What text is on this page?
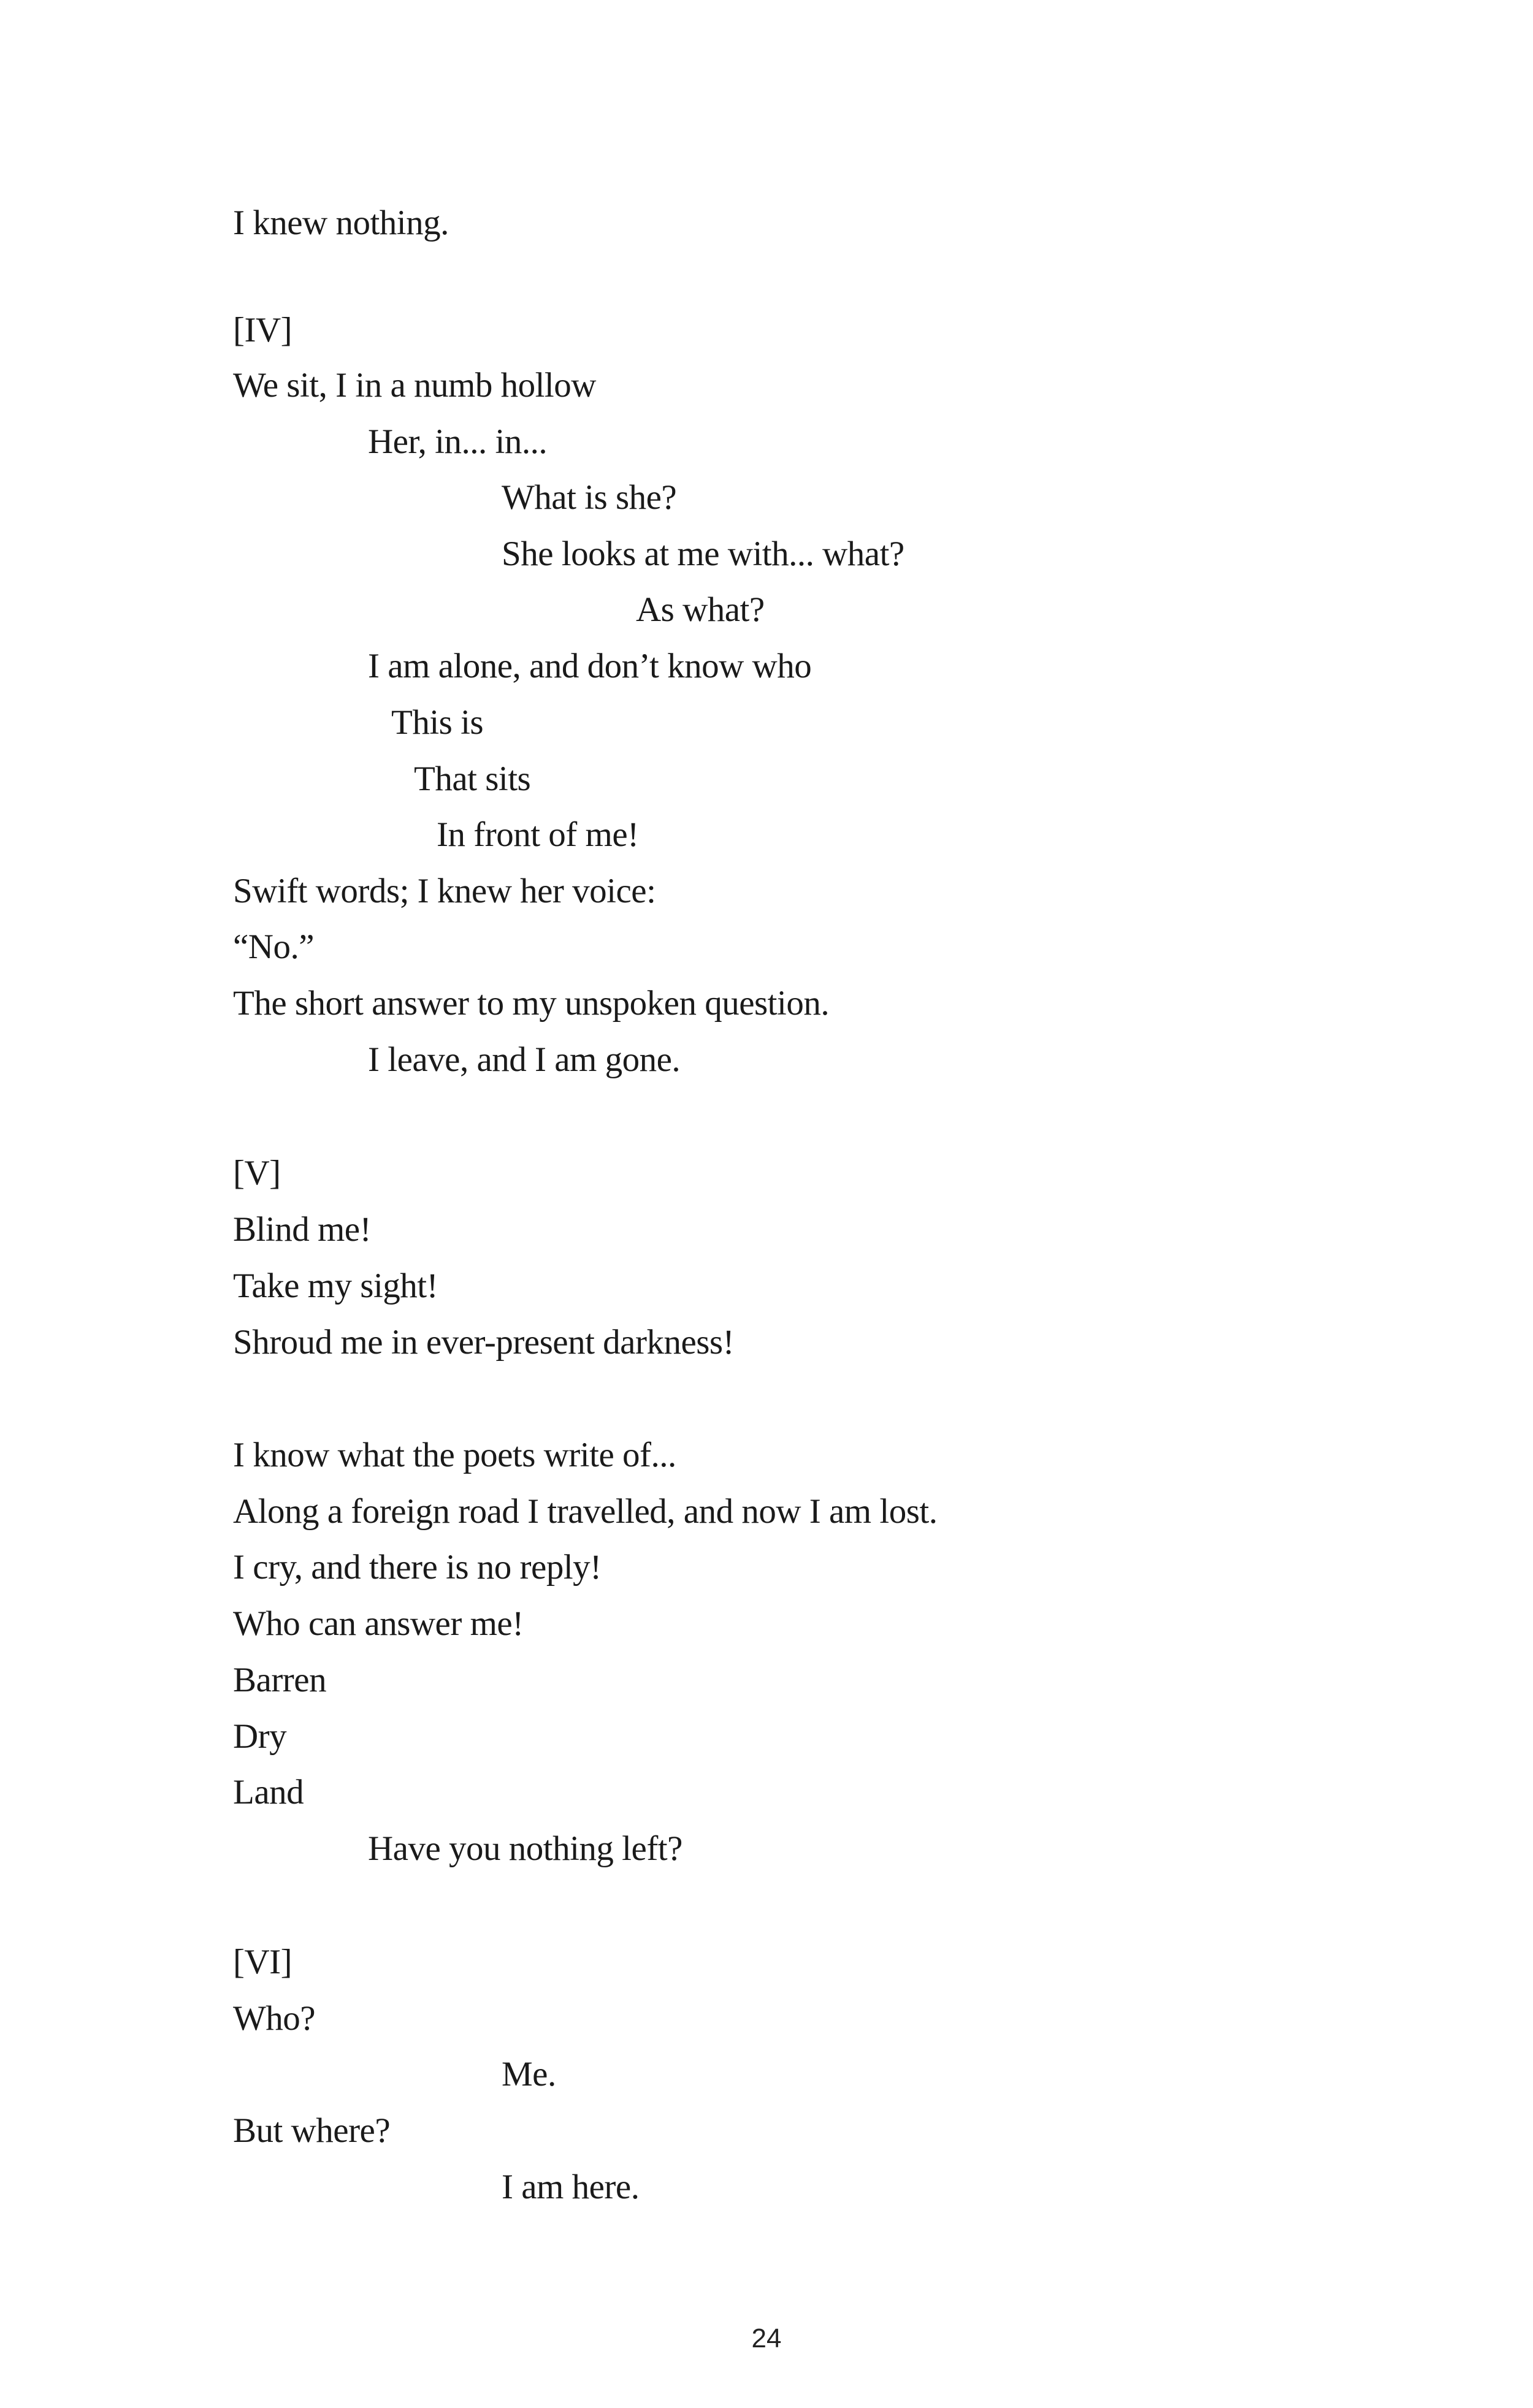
I knew nothing.
[IV]
We sit, I in a numb hollow
Her, in... in...
What is she?
She looks at me with... what?
As what?
I am alone, and don’t know who
This is
That sits
In front of me!
Swift words; I knew her voice:
“No.”
The short answer to my unspoken question.
I leave, and I am gone.
[V]
Blind me!
Take my sight!
Shroud me in ever-present darkness!
I know what the poets write of...
Along a foreign road I travelled, and now I am lost.
I cry, and there is no reply!
Who can answer me!
Barren
Dry
Land
Have you nothing left?
[VI]
Who?
Me.
But where?
I am here.
24
